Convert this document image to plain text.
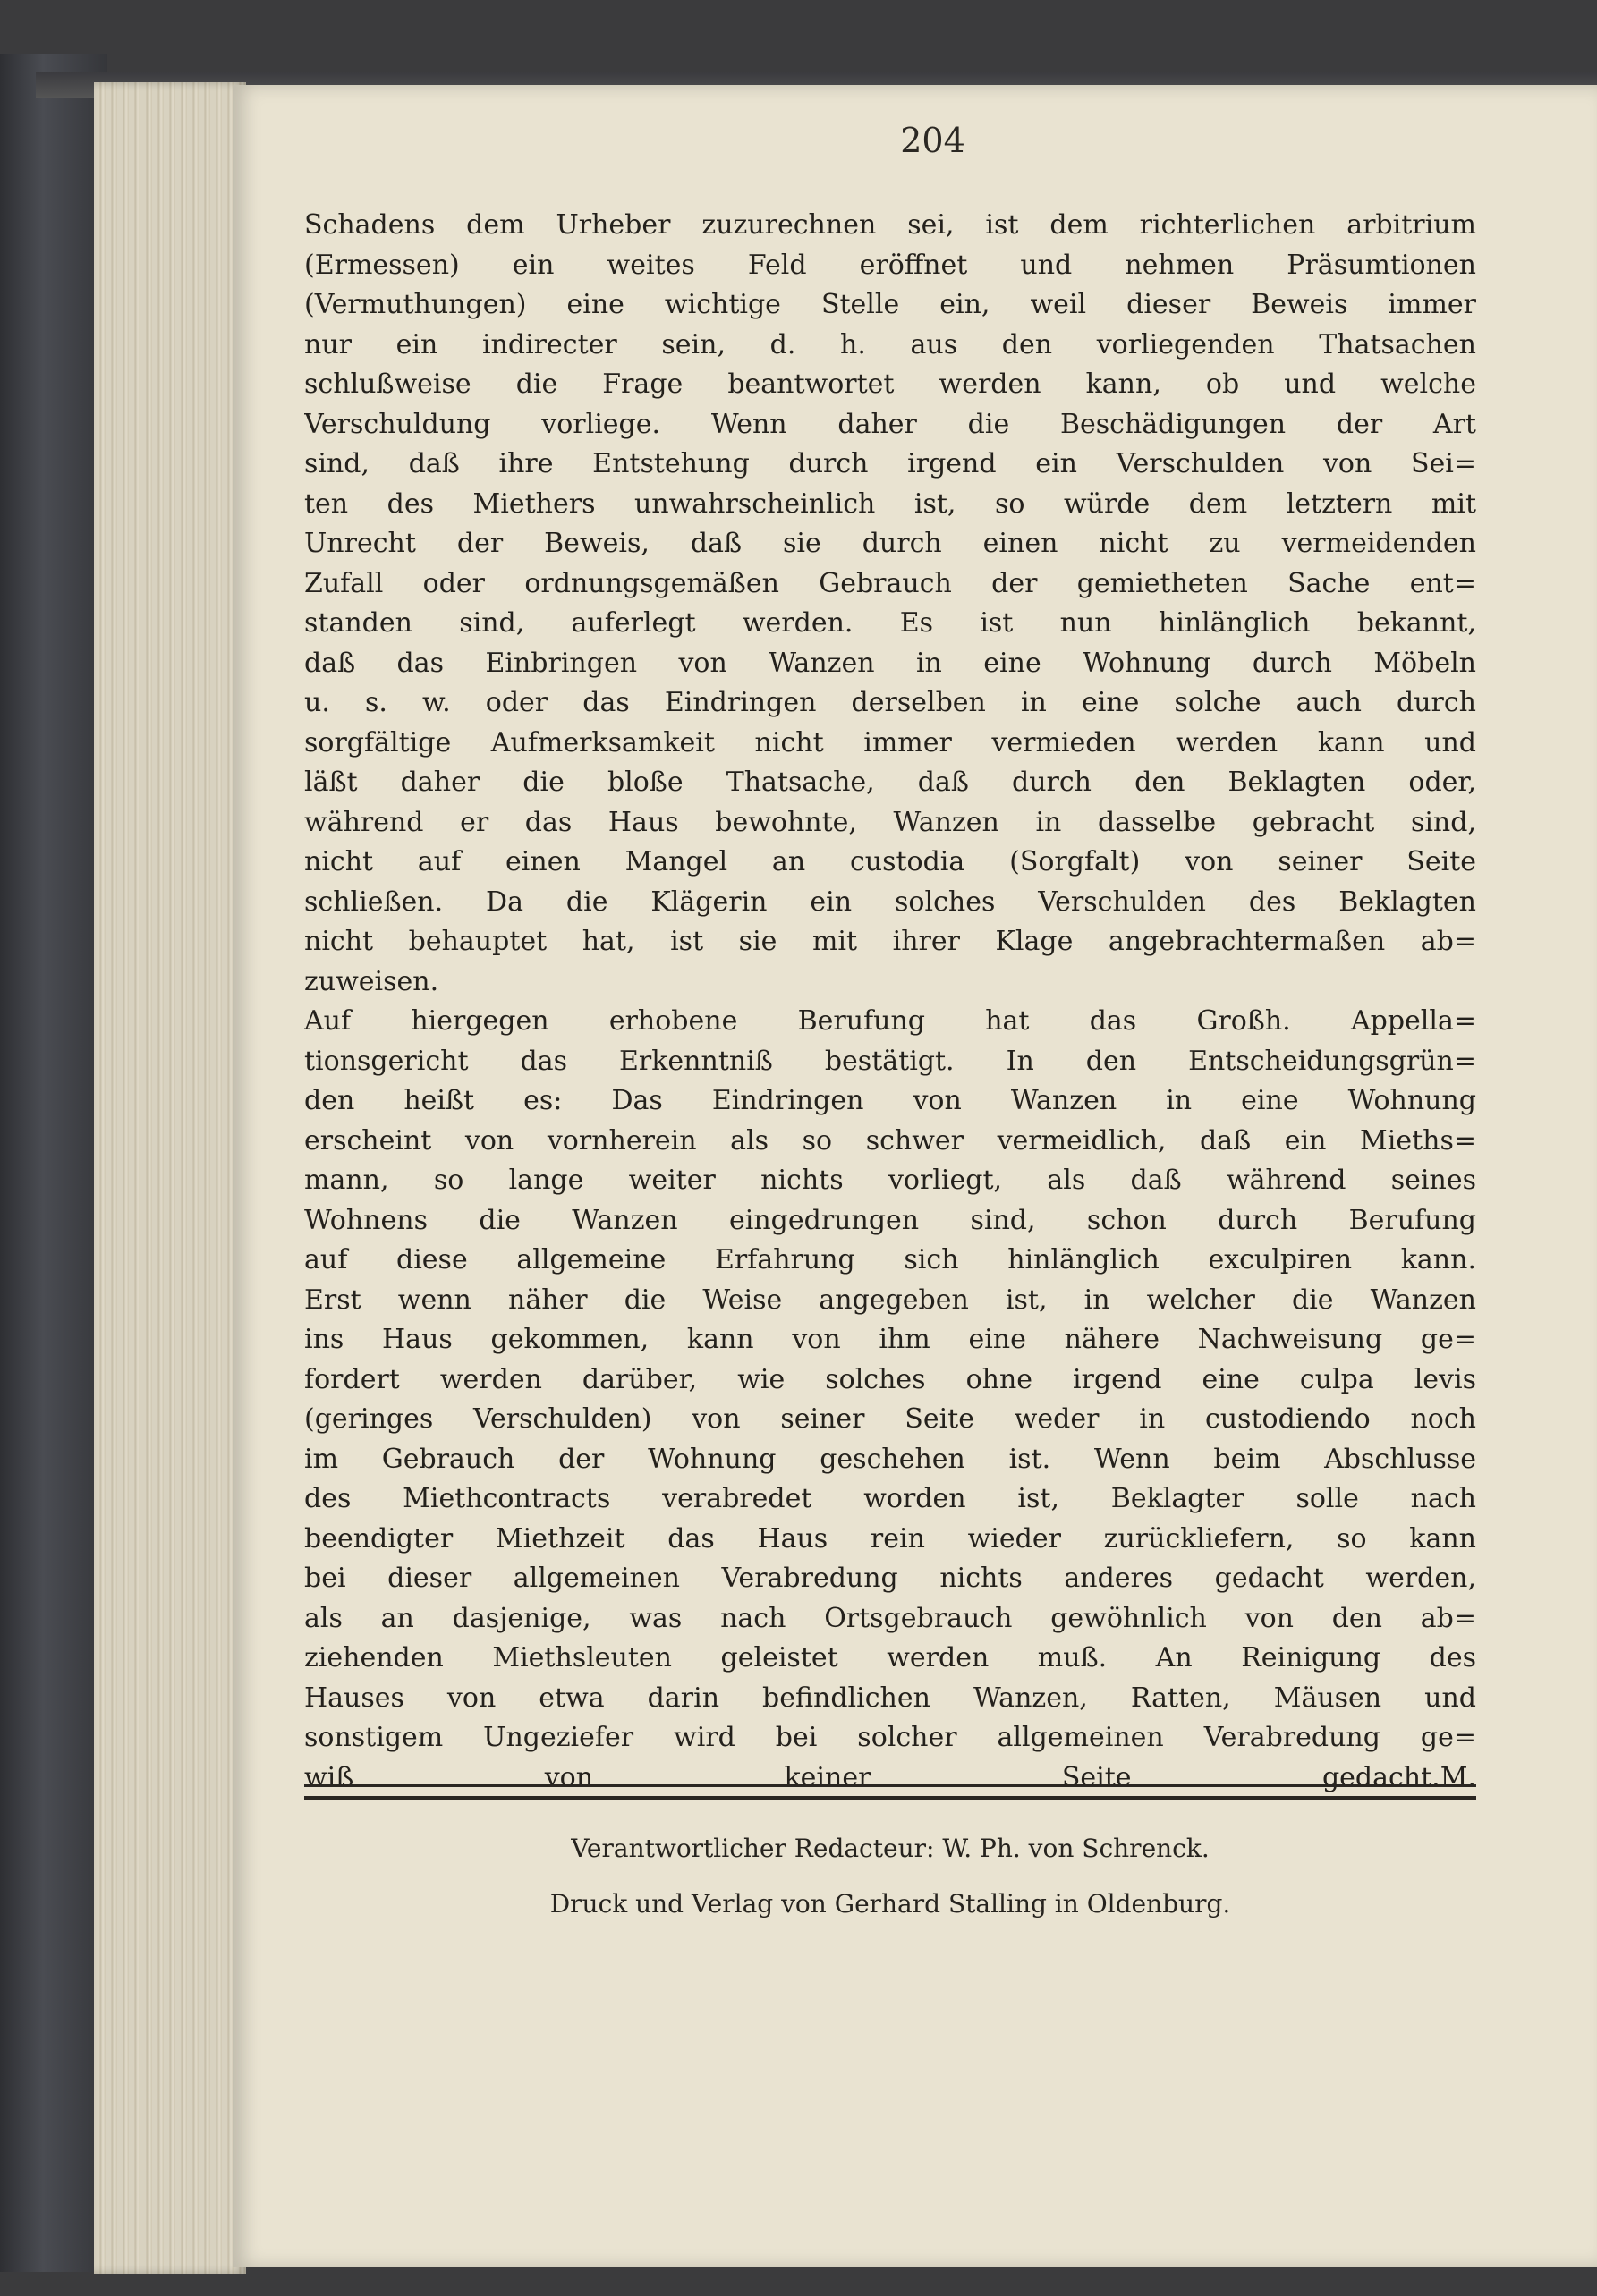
204
Schadens dem Urheber zuzurechnen sei, ist dem richterlichen arbitrium
(Ermessen) ein weites Feld eröffnet und nehmen Präsumtionen
(Vermuthungen) eine wichtige Stelle ein, weil dieser Beweis immer
nur ein indirecter sein, d. h. aus den vorliegenden Thatsachen
schlußweise die Frage beantwortet werden kann, ob und welche
Verschuldung vorliege. Wenn daher die Beschädigungen der Art
sind, daß ihre Entstehung durch irgend ein Verschulden von Sei=
ten des Miethers unwahrscheinlich ist, so würde dem letztern mit
Unrecht der Beweis, daß sie durch einen nicht zu vermeidenden
Zufall oder ordnungsgemäßen Gebrauch der gemietheten Sache ent=
standen sind, auferlegt werden. Es ist nun hinlänglich bekannt,
daß das Einbringen von Wanzen in eine Wohnung durch Möbeln
u. s. w. oder das Eindringen derselben in eine solche auch durch
sorgfältige Aufmerksamkeit nicht immer vermieden werden kann und
läßt daher die bloße Thatsache, daß durch den Beklagten oder,
während er das Haus bewohnte, Wanzen in dasselbe gebracht sind,
nicht auf einen Mangel an custodia (Sorgfalt) von seiner Seite
schließen. Da die Klägerin ein solches Verschulden des Beklagten
nicht behauptet hat, ist sie mit ihrer Klage angebrachtermaßen ab=
zuweisen.
Auf hiergegen erhobene Berufung hat das Großh. Appella=
tionsgericht das Erkenntniß bestätigt. In den Entscheidungsgrün=
den heißt es: Das Eindringen von Wanzen in eine Wohnung
erscheint von vornherein als so schwer vermeidlich, daß ein Mieths=
mann, so lange weiter nichts vorliegt, als daß während seines
Wohnens die Wanzen eingedrungen sind, schon durch Berufung
auf diese allgemeine Erfahrung sich hinlänglich exculpiren kann.
Erst wenn näher die Weise angegeben ist, in welcher die Wanzen
ins Haus gekommen, kann von ihm eine nähere Nachweisung ge=
fordert werden darüber, wie solches ohne irgend eine culpa levis
(geringes Verschulden) von seiner Seite weder in custodiendo noch
im Gebrauch der Wohnung geschehen ist. Wenn beim Abschlusse
des Miethcontracts verabredet worden ist, Beklagter solle nach
beendigter Miethzeit das Haus rein wieder zurückliefern, so kann
bei dieser allgemeinen Verabredung nichts anderes gedacht werden,
als an dasjenige, was nach Ortsgebrauch gewöhnlich von den ab=
ziehenden Miethsleuten geleistet werden muß. An Reinigung des
Hauses von etwa darin befindlichen Wanzen, Ratten, Mäusen und
sonstigem Ungeziefer wird bei solcher allgemeinen Verabredung ge=
wiß von keiner Seite gedacht.M.
Verantwortlicher Redacteur: W. Ph. von Schrenck.
Druck und Verlag von Gerhard Stalling in Oldenburg.
